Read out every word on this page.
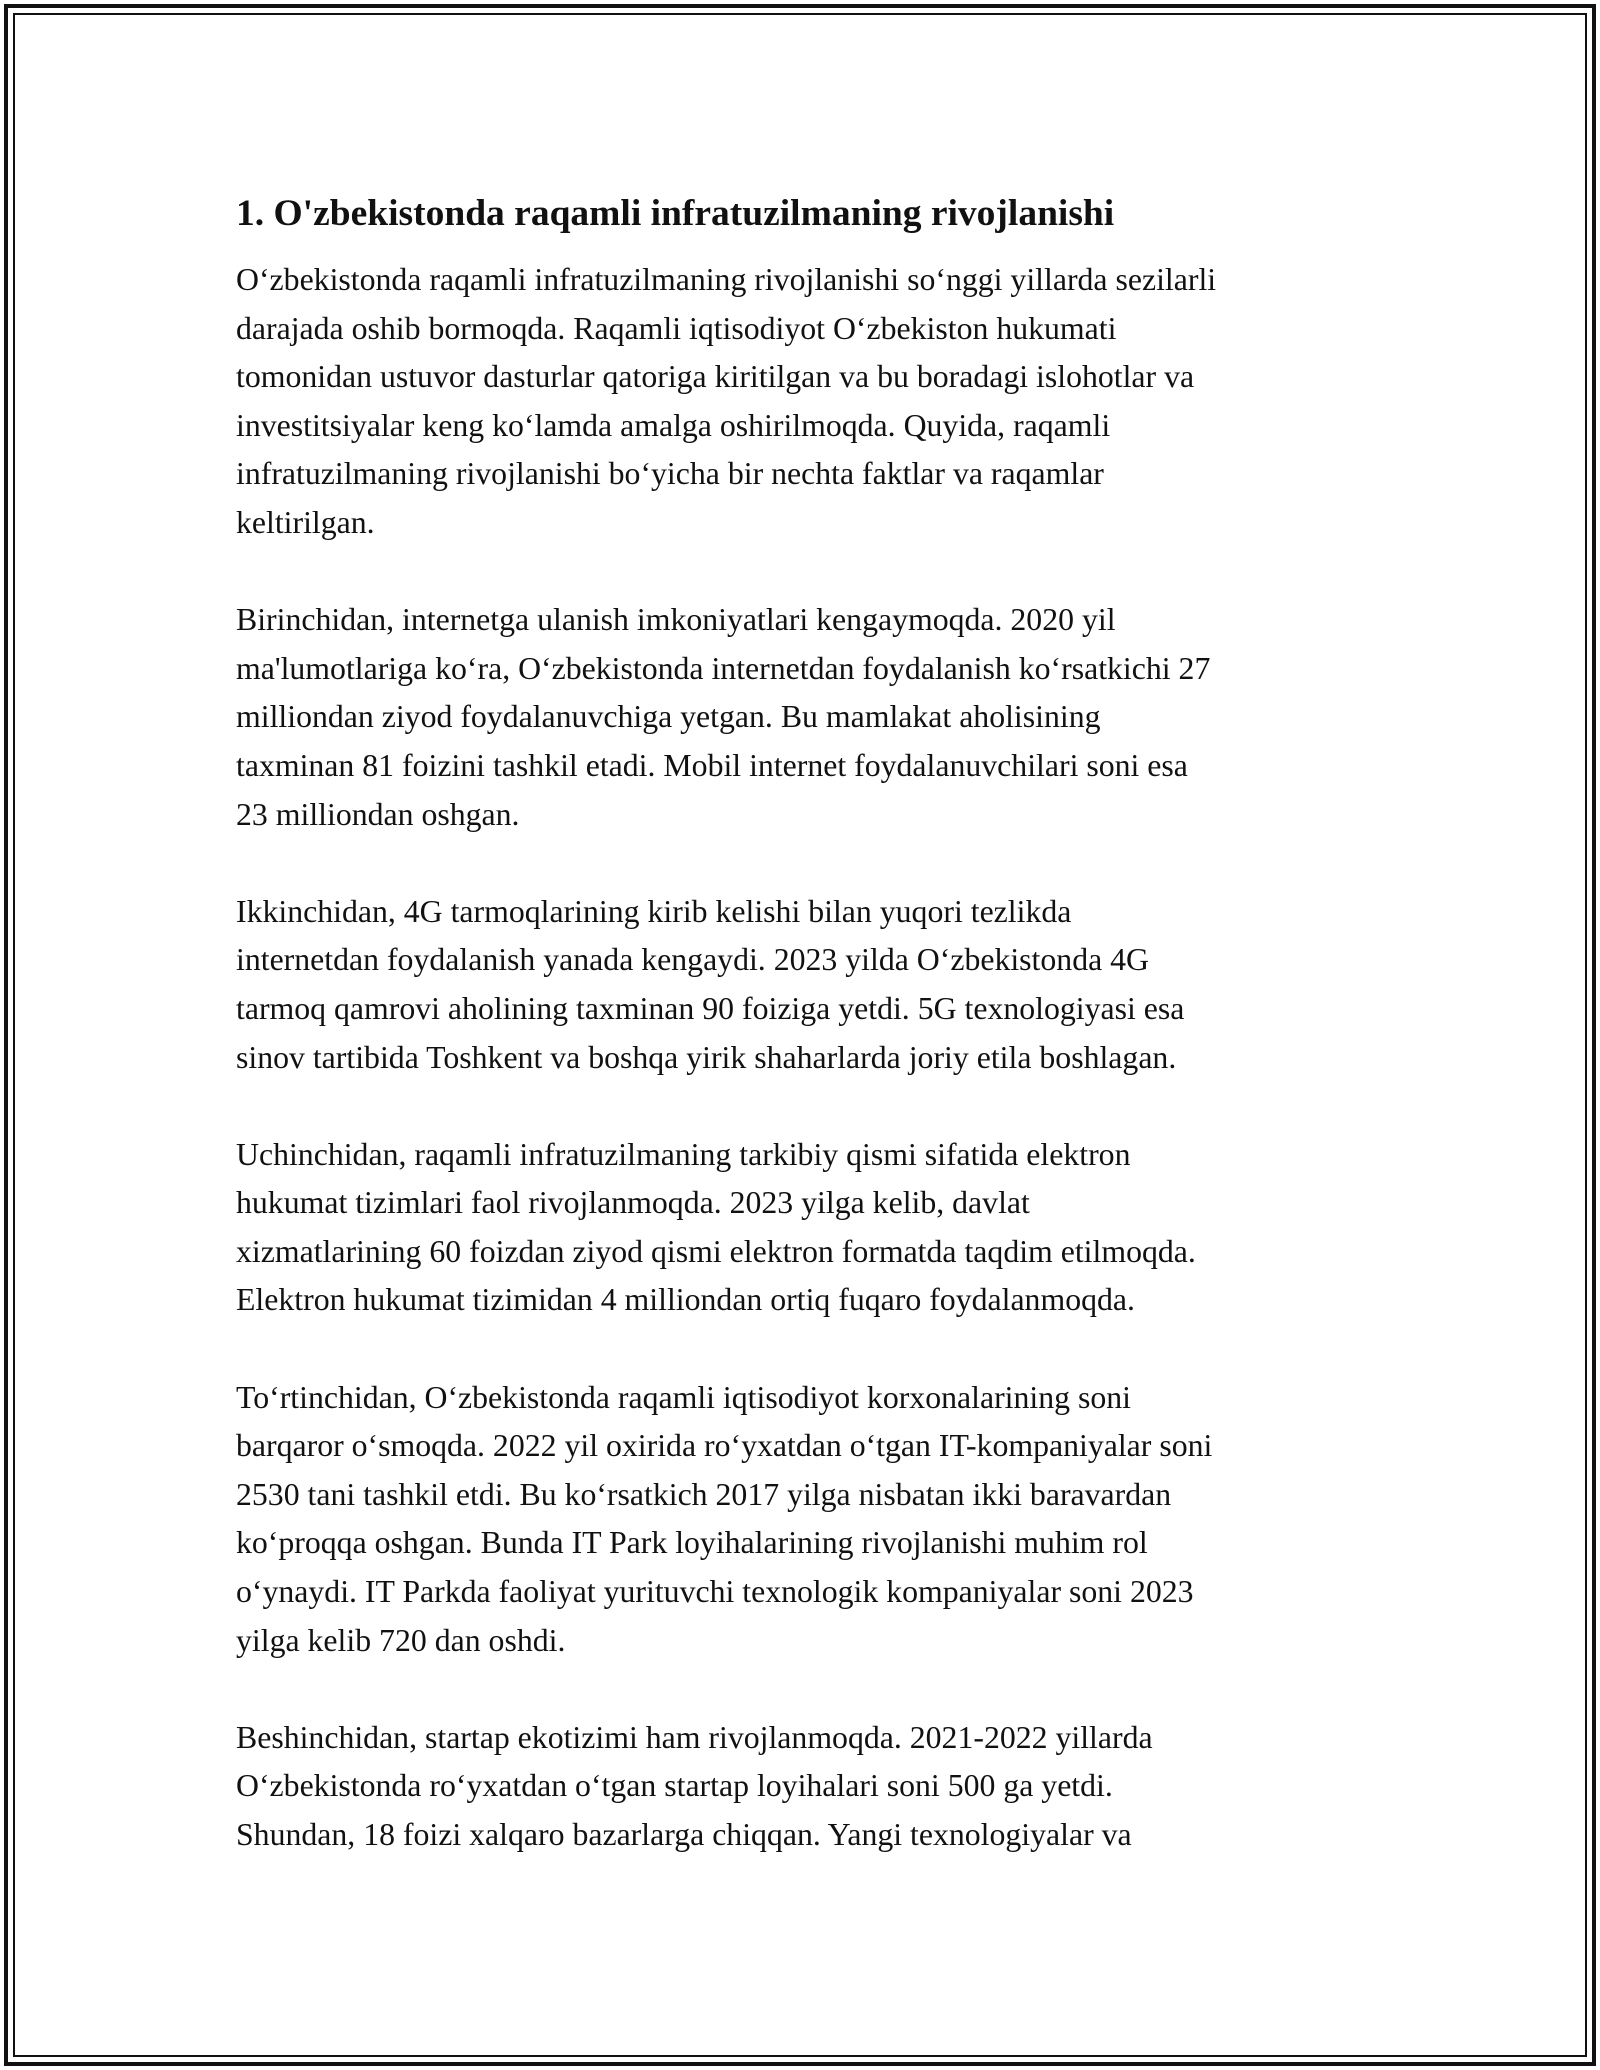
1. O'zbekistonda raqamli infratuzilmaning rivojlanishi
O‘zbekistonda raqamli infratuzilmaning rivojlanishi so‘nggi yillarda sezilarli
darajada oshib bormoqda. Raqamli iqtisodiyot O‘zbekiston hukumati
tomonidan ustuvor dasturlar qatoriga kiritilgan va bu boradagi islohotlar va
investitsiyalar keng ko‘lamda amalga oshirilmoqda. Quyida, raqamli
infratuzilmaning rivojlanishi bo‘yicha bir nechta faktlar va raqamlar
keltirilgan.
Birinchidan, internetga ulanish imkoniyatlari kengaymoqda. 2020 yil
ma'lumotlariga ko‘ra, O‘zbekistonda internetdan foydalanish ko‘rsatkichi 27
milliondan ziyod foydalanuvchiga yetgan. Bu mamlakat aholisining
taxminan 81 foizini tashkil etadi. Mobil internet foydalanuvchilari soni esa
23 milliondan oshgan.
Ikkinchidan, 4G tarmoqlarining kirib kelishi bilan yuqori tezlikda
internetdan foydalanish yanada kengaydi. 2023 yilda O‘zbekistonda 4G
tarmoq qamrovi aholining taxminan 90 foiziga yetdi. 5G texnologiyasi esa
sinov tartibida Toshkent va boshqa yirik shaharlarda joriy etila boshlagan.
Uchinchidan, raqamli infratuzilmaning tarkibiy qismi sifatida elektron
hukumat tizimlari faol rivojlanmoqda. 2023 yilga kelib, davlat
xizmatlarining 60 foizdan ziyod qismi elektron formatda taqdim etilmoqda.
Elektron hukumat tizimidan 4 milliondan ortiq fuqaro foydalanmoqda.
To‘rtinchidan, O‘zbekistonda raqamli iqtisodiyot korxonalarining soni
barqaror o‘smoqda. 2022 yil oxirida ro‘yxatdan o‘tgan IT-kompaniyalar soni
2530 tani tashkil etdi. Bu ko‘rsatkich 2017 yilga nisbatan ikki baravardan
ko‘proqqa oshgan. Bunda IT Park loyihalarining rivojlanishi muhim rol
o‘ynaydi. IT Parkda faoliyat yurituvchi texnologik kompaniyalar soni 2023
yilga kelib 720 dan oshdi.
Beshinchidan, startap ekotizimi ham rivojlanmoqda. 2021-2022 yillarda
O‘zbekistonda ro‘yxatdan o‘tgan startap loyihalari soni 500 ga yetdi.
Shundan, 18 foizi xalqaro bazarlarga chiqqan. Yangi texnologiyalar va
